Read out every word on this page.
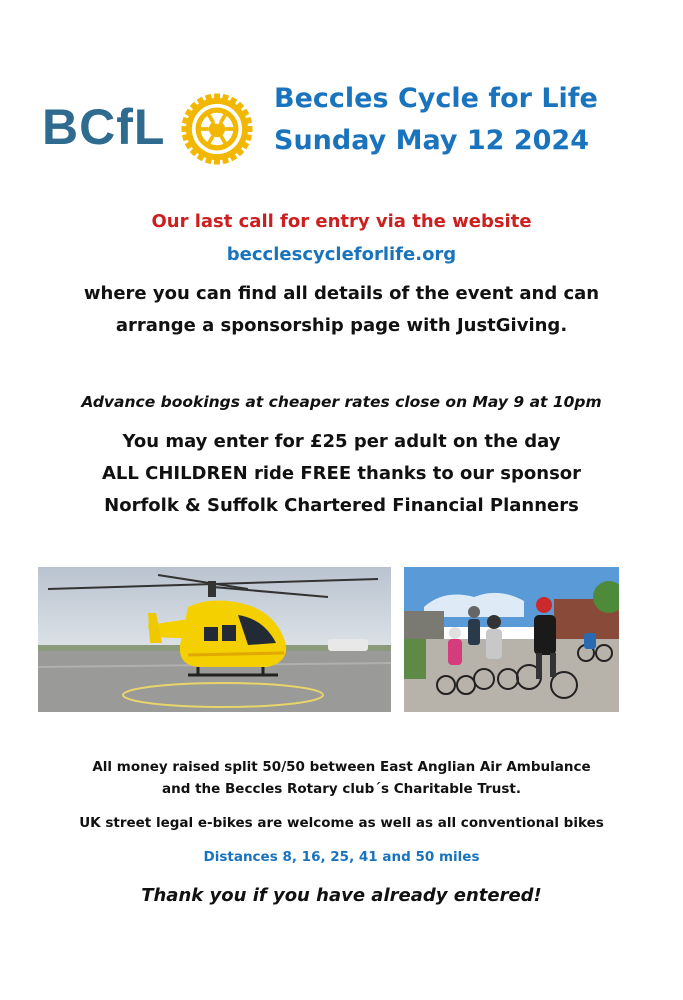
BCfL
Beccles Cycle for Life
Sunday May 12 2024
Our last call for entry via the website
becclescycleforlife.org
where you can find all details of the event and can
arrange a sponsorship page with JustGiving.
Advance bookings at cheaper rates close on May 9 at 10pm
You may enter for £25 per adult on the day
ALL CHILDREN ride FREE thanks to our sponsor
Norfolk & Suffolk Chartered Financial Planners
All money raised split 50/50 between East Anglian Air Ambulance
and the Beccles Rotary club´s Charitable Trust.
UK street legal e-bikes are welcome as well as all conventional bikes
Distances 8, 16, 25, 41 and 50 miles
Thank you if you have already entered!
